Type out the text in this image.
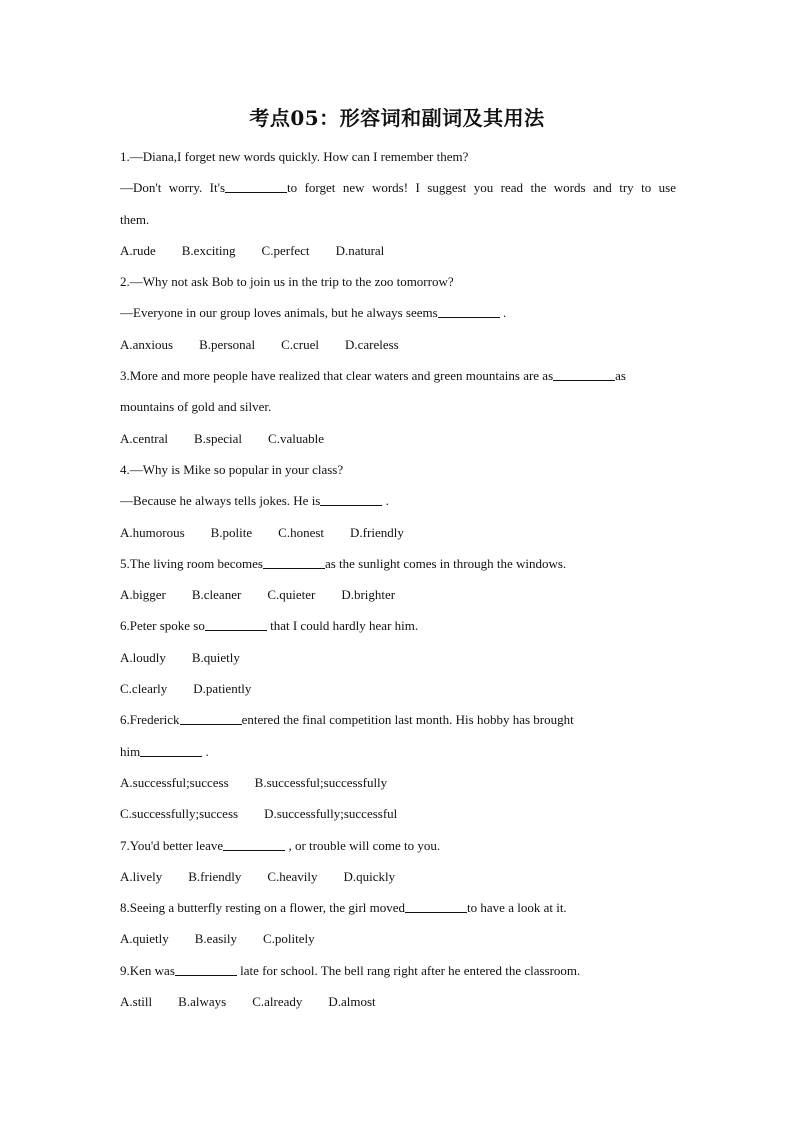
考点05：形容词和副词及其用法
1.—Diana,I forget new words quickly. How can I remember them?
—Don't worry. It's	to forget new words! I suggest you read the words and try to use
them.
A.rude B.exciting C.perfect D.natural
2.—Why not ask Bob to join us in the trip to the zoo tomorrow?
—Everyone in our group loves animals, but he always seems	.
A.anxious B.personal C.cruel D.careless
3.More and more people have realized that clear waters and green mountains are as	as
mountains of gold and silver.
A.central B.special C.valuable
4.—Why is Mike so popular in your class?
—Because he always tells jokes. He is	.
A.humorous B.polite C.honest D.friendly
5.The living room becomes	as the sunlight comes in through the windows.
A.bigger B.cleaner C.quieter D.brighter
6.Peter spoke so	that I could hardly hear him.
A.loudly B.quietly
C.clearly D.patiently
6.Frederick	entered the final competition last month. His hobby has brought
him	.
A.successful;success B.successful;successfully
C.successfully;success D.successfully;successful
7.You'd better leave	, or trouble will come to you.
A.lively B.friendly C.heavily D.quickly
8.Seeing a butterfly resting on a flower, the girl moved	to have a look at it.
A.quietly B.easily C.politely
9.Ken was	late for school. The bell rang right after he entered the classroom.
A.still B.always C.already D.almost
